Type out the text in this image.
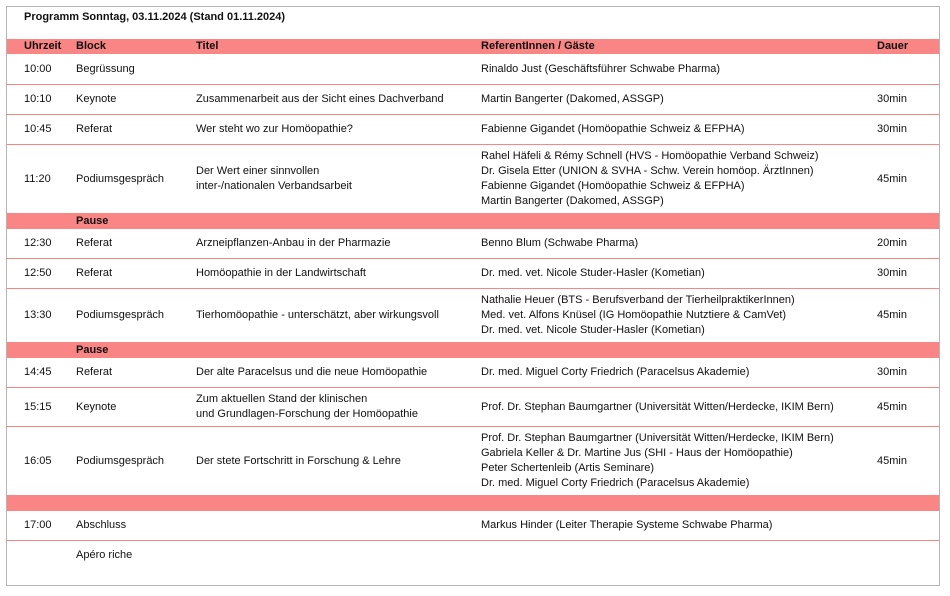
Programm Sonntag, 03.11.2024 (Stand 01.11.2024)
Uhrzeit	Block	Titel	ReferentInnen / Gäste	Dauer
10:00	Begrüssung		Rinaldo Just (Geschäftsführer Schwabe Pharma)	

10:10	Keynote	Zusammenarbeit aus der Sicht eines Dachverband	Martin Bangerter (Dakomed, ASSGP)	30min
10:45	Referat	Wer steht wo zur Homöopathie?	Fabienne Gigandet (Homöopathie Schweiz & EFPHA)	30min
11:20	Podiumsgespräch	Der Wert einer sinnvollen
inter-/nationalen Verbandsarbeit	Rahel Häfeli & Rémy Schnell (HVS - Homöopathie Verband Schweiz)
Dr. Gisela Etter (UNION & SVHA - Schw. Verein homöop. ÄrztInnen)
Fabienne Gigandet (Homöopathie Schweiz & EFPHA)
Martin Bangerter (Dakomed, ASSGP)	45min
	Pause			
12:30	Referat	Arzneipflanzen-Anbau in der Pharmazie	Benno Blum (Schwabe Pharma)	20min
12:50	Referat	Homöopathie in der Landwirtschaft	Dr. med. vet. Nicole Studer-Hasler (Kometian)	30min
13:30	Podiumsgespräch	Tierhomöopathie - unterschätzt, aber wirkungsvoll	Nathalie Heuer (BTS - Berufsverband der TierheilpraktikerInnen)
Med. vet. Alfons Knüsel (IG Homöopathie Nutztiere & CamVet)
Dr. med. vet. Nicole Studer-Hasler (Kometian)	45min
	Pause			
14:45	Referat	Der alte Paracelsus und die neue Homöopathie	Dr. med. Miguel Corty Friedrich (Paracelsus Akademie)	30min
15:15	Keynote	Zum aktuellen Stand der klinischen
und Grundlagen-Forschung der Homöopathie	Prof. Dr. Stephan Baumgartner (Universität Witten/Herdecke, IKIM Bern)	45min
16:05	Podiumsgespräch	Der stete Fortschritt in Forschung & Lehre	Prof. Dr. Stephan Baumgartner (Universität Witten/Herdecke, IKIM Bern)
Gabriela Keller & Dr. Martine Jus (SHI - Haus der Homöopathie)
Peter Schertenleib (Artis Seminare)
Dr. med. Miguel Corty Friedrich (Paracelsus Akademie)	45min

17:00	Abschluss		Markus Hinder (Leiter Therapie Systeme Schwabe Pharma)	

	Apéro riche			
